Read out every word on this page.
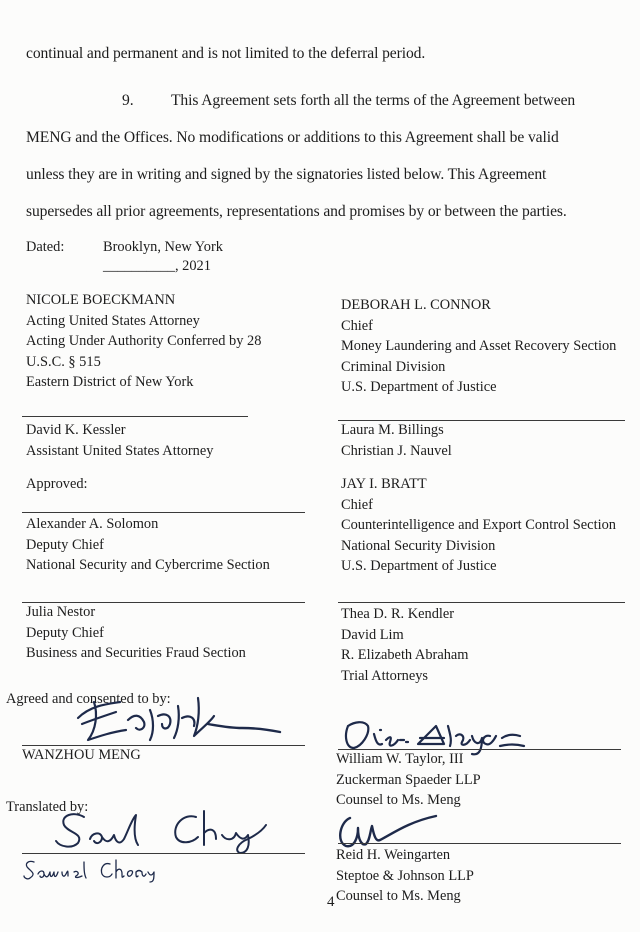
continual and permanent and is not limited to the deferral period.
9. This Agreement sets forth all the terms of the Agreement between
MENG and the Offices. No modifications or additions to this Agreement shall be valid
unless they are in writing and signed by the signatories listed below. This Agreement
supersedes all prior agreements, representations and promises by or between the parties.
Dated:	Brooklyn, New York
__________, 2021
NICOLE BOECKMANN
Acting United States Attorney
Acting Under Authority Conferred by 28
U.S.C. § 515
Eastern District of New York
David K. Kessler
Assistant United States Attorney
Approved:
Alexander A. Solomon
Deputy Chief
National Security and Cybercrime Section
Julia Nestor
Deputy Chief
Business and Securities Fraud Section
Agreed and consented to by:
WANZHOU MENG
Translated by:
DEBORAH L. CONNOR
Chief
Money Laundering and Asset Recovery Section
Criminal Division
U.S. Department of Justice
Laura M. Billings
Christian J. Nauvel
JAY I. BRATT
Chief
Counterintelligence and Export Control Section
National Security Division
U.S. Department of Justice
Thea D. R. Kendler
David Lim
R. Elizabeth Abraham
Trial Attorneys
William W. Taylor, III
Zuckerman Spaeder LLP
Counsel to Ms. Meng
Reid H. Weingarten
Steptoe & Johnson LLP
Counsel to Ms. Meng
4
